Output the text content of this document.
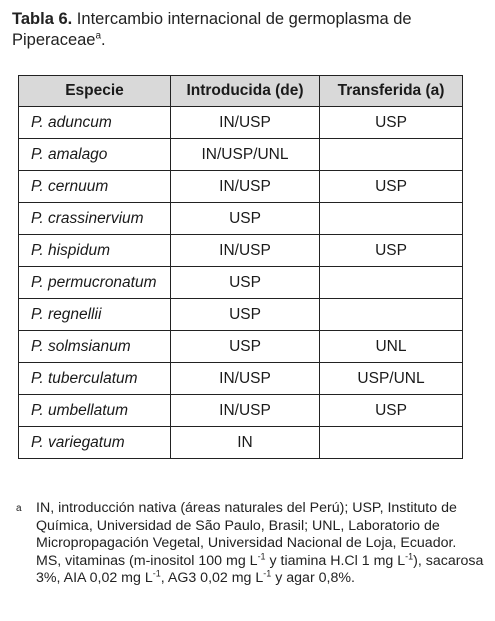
Tabla 6. Intercambio internacional de germoplasma de Piperaceae$^a$.
Especie	Introducida (de)	Transferida (a)
P. aduncum	IN/USP	USP
P. amalago	IN/USP/UNL	
P. cernuum	IN/USP	USP
P. crassinervium	USP	
P. hispidum	IN/USP	USP
P. permucronatum	USP	
P. regnellii	USP	
P. solmsianum	USP	UNL
P. tuberculatum	IN/USP	USP/UNL
P. umbellatum	IN/USP	USP
P. variegatum	IN	
a IN, introducción nativa (áreas naturales del Perú); USP, Instituto de Química, Universidad de São Paulo, Brasil; UNL, Laboratorio de Micropropagación Vegetal, Universidad Nacional de Loja, Ecuador.
MS, vitaminas (m-inositol 100 mg $L^{-1}$ y tiamina H.Cl 1 mg $L^{-1}$), sacarosa 3%, AIA 0,02 mg $L^{-1}$, AG3 0,02 mg $L^{-1}$ y agar 0,8%.
